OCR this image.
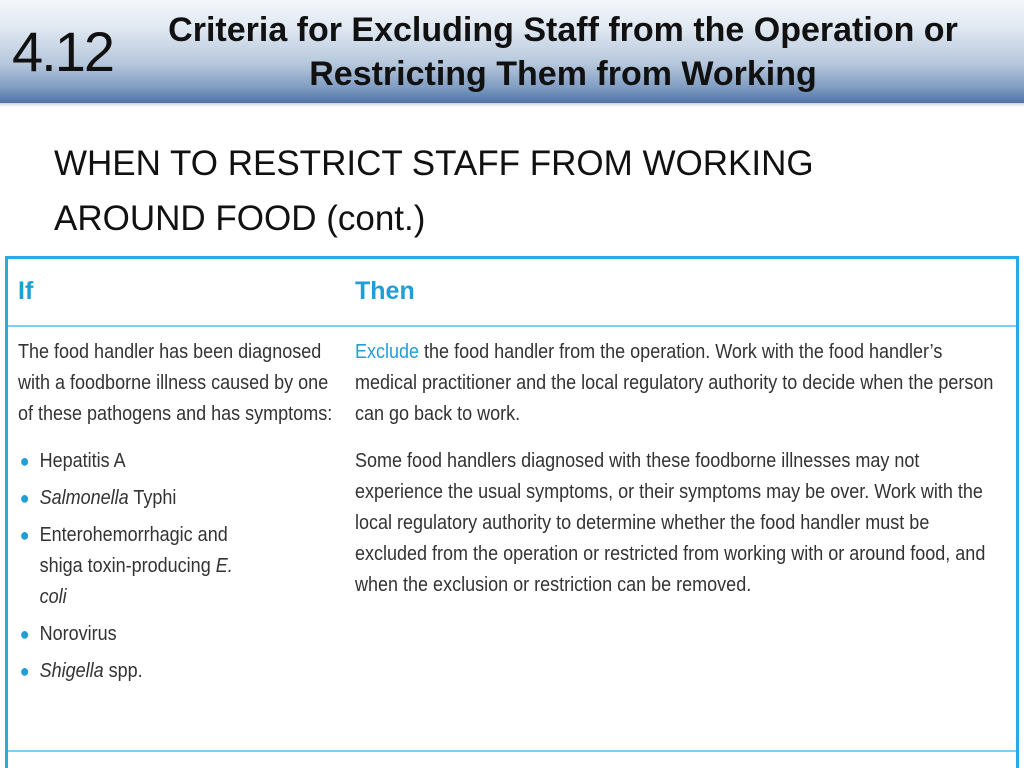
4.12	Criteria for Excluding Staff from the Operation or
Restricting Them from Working
WHEN TO RESTRICT STAFF FROM WORKING
AROUND FOOD (cont.)
If	Then
The food handler has been diagnosed with a foodborne illness caused by one of these pathogens and has symptoms:
● Hepatitis A
● Salmonella Typhi
● Enterohemorrhagic and shiga toxin-producing E. coli
● Norovirus
● Shigella spp.
Exclude the food handler from the operation. Work with the food handler’s medical practitioner and the local regulatory authority to decide when the person can go back to work.
Some food handlers diagnosed with these foodborne illnesses may not experience the usual symptoms, or their symptoms may be over. Work with the local regulatory authority to determine whether the food handler must be excluded from the operation or restricted from working with or around food, and when the exclusion or restriction can be removed.
